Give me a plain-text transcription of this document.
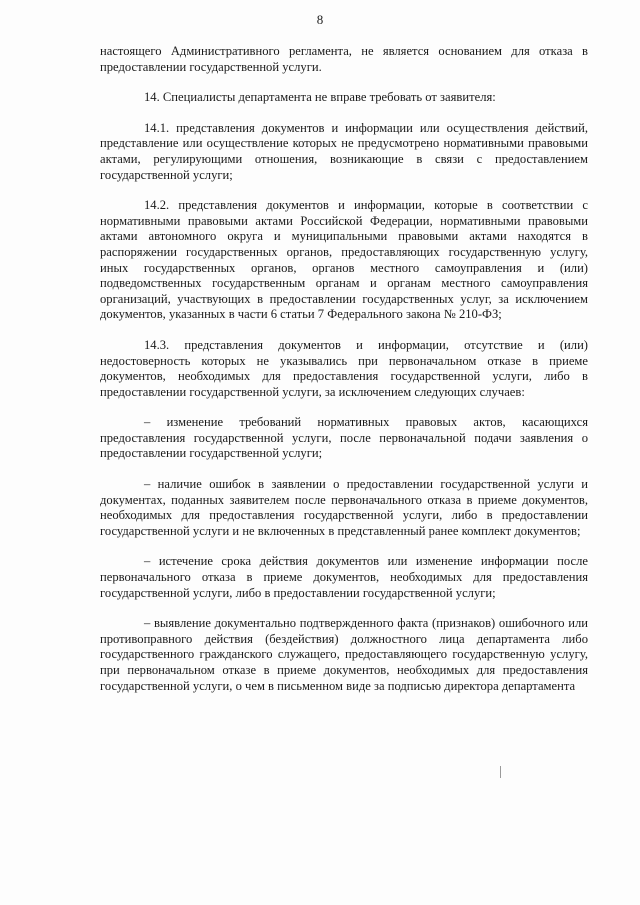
8

настоящего Административного регламента, не является основанием для отказа в предоставлении государственной услуги.

14. Специалисты департамента не вправе требовать от заявителя:

14.1. представления документов и информации или осуществления действий, представление или осуществление которых не предусмотрено нормативными правовыми актами, регулирующими отношения, возникающие в связи с предоставлением государственной услуги;

14.2. представления документов и информации, которые в соответствии с нормативными правовыми актами Российской Федерации, нормативными правовыми актами автономного округа и муниципальными правовыми актами находятся в распоряжении государственных органов, предоставляющих государственную услугу, иных государственных органов, органов местного самоуправления и (или) подведомственных государственным органам и органам местного самоуправления организаций, участвующих в предоставлении государственных услуг, за исключением документов, указанных в части 6 статьи 7 Федерального закона № 210-ФЗ;

14.3. представления документов и информации, отсутствие и (или) недостоверность которых не указывались при первоначальном отказе в приеме документов, необходимых для предоставления государственной услуги, либо в предоставлении государственной услуги, за исключением следующих случаев:

– изменение требований нормативных правовых актов, касающихся предоставления государственной услуги, после первоначальной подачи заявления о предоставлении государственной услуги;

– наличие ошибок в заявлении о предоставлении государственной услуги и документах, поданных заявителем после первоначального отказа в приеме документов, необходимых для предоставления государственной услуги, либо в предоставлении государственной услуги и не включенных в представленный ранее комплект документов;

– истечение срока действия документов или изменение информации после первоначального отказа в приеме документов, необходимых для предоставления государственной услуги, либо в предоставлении государственной услуги;

– выявление документально подтвержденного факта (признаков) ошибочного или противоправного действия (бездействия) должностного лица департамента либо государственного гражданского служащего, предоставляющего государственную услугу, при первоначальном отказе в приеме документов, необходимых для предоставления государственной услуги, о чем в письменном виде за подписью директора департамента
